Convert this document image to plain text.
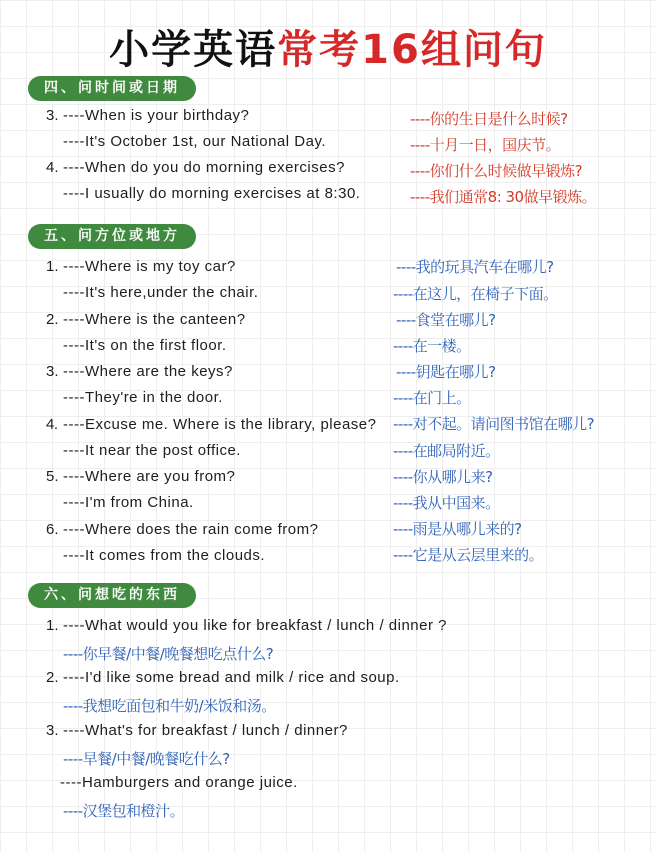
小学英语常考16组问句
四、问时间或日期
3. ----When is your birthday?	----你的生日是什么时候?
----It's October 1st, our National Day.	----十月一日，国庆节。
4. ----When do you do morning exercises?	----你们什么时候做早锻炼?
----I usually do morning exercises at 8:30.	----我们通常8: 30做早锻炼。
五、问方位或地方
1. ----Where is my toy car?	----我的玩具汽车在哪儿?
----It's here,under the chair.	----在这儿，在椅子下面。
2. ----Where is the canteen?	----食堂在哪儿?
----It's on the first floor.	----在一楼。
3. ----Where are the keys?	----钥匙在哪儿?
----They're in the door.	----在门上。
4. ----Excuse me. Where is the library, please? ----对不起。请问图书馆在哪儿?
----It near the post office.	----在邮局附近。
5. ----Where are you from?	----你从哪儿来?
----I'm from China.	----我从中国来。
6. ----Where does the rain come from?	----雨是从哪儿来的?
----It comes from the clouds.	----它是从云层里来的。
六、问想吃的东西
1. ----What would you like for breakfast / lunch / dinner ?
----你早餐/中餐/晚餐想吃点什么?
2. ----I'd like some bread and milk / rice and soup.
----我想吃面包和牛奶/米饭和汤。
3. ----What's for breakfast / lunch / dinner?
----早餐/中餐/晚餐吃什么?
----Hamburgers and orange juice.
----汉堡包和橙汁。
